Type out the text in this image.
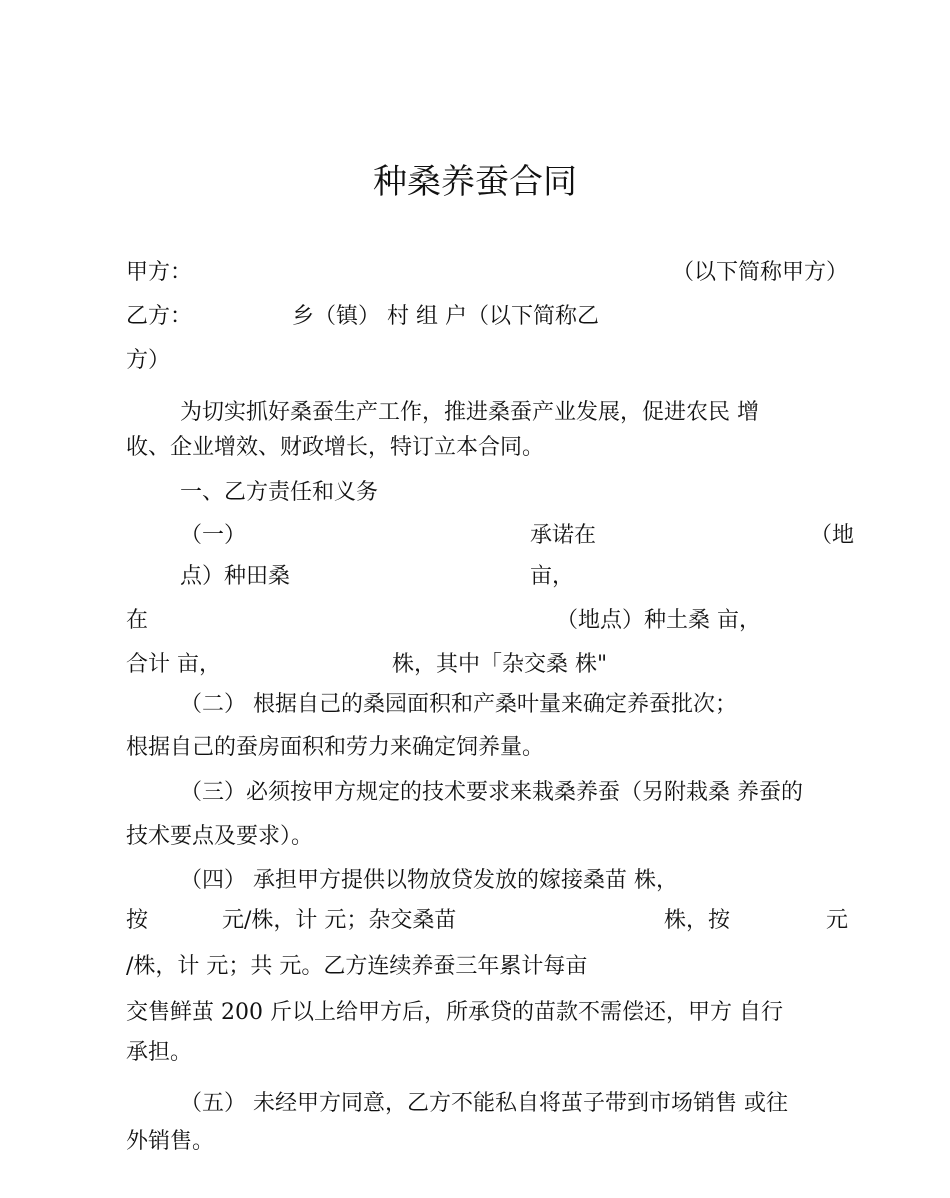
种桑养蚕合同
甲方：	（以下简称甲方）
乙方：	乡（镇） 村 组 户（以下简称乙
方）
为切实抓好桑蚕生产工作，推进桑蚕产业发展，促进农民 增
收、企业增效、财政增长，特订立本合同。
一、乙方责任和义务
（一）	承诺在	（地
点）种田桑	亩，
在	（地点）种土桑 亩，
合计 亩，	株，其中「杂交桑 株"
（二） 根据自己的桑园面积和产桑叶量来确定养蚕批次；
根据自己的蚕房面积和劳力来确定饲养量。
（三）必须按甲方规定的技术要求来栽桑养蚕（另附栽桑 养蚕的
技术要点及要求）。
（四） 承担甲方提供以物放贷发放的嫁接桑苗 株，
按	元/株，计 元；杂交桑苗	株，按	元
/株，计 元；共 元。乙方连续养蚕三年累计每亩
交售鲜茧 200 斤以上给甲方后，所承贷的苗款不需偿还，甲方 自行
承担。
（五） 未经甲方同意，乙方不能私自将茧子带到市场销售 或往
外销售。
